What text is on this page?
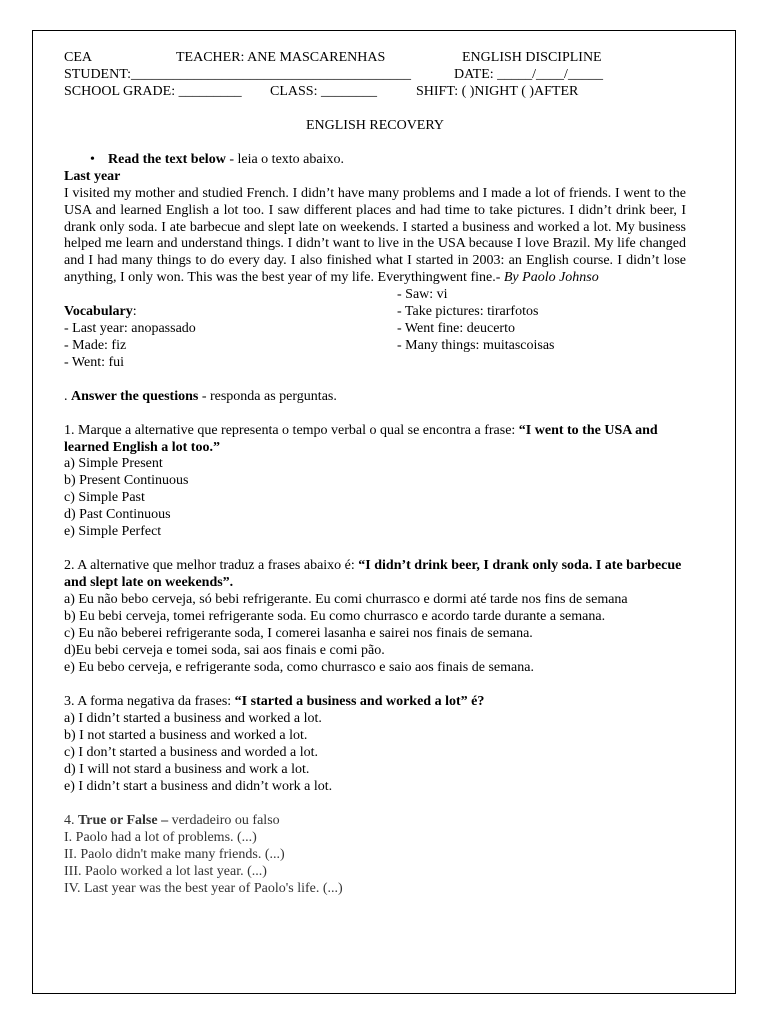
CEA	TEACHER: ANE MASCARENHAS	ENGLISH DISCIPLINE
STUDENT:________________________________________	DATE: _____/____/_____
SCHOOL GRADE: _________ CLASS: ________	SHIFT: ( )NIGHT ( )AFTER
ENGLISH RECOVERY
• Read the text below - leia o texto abaixo.
Last year

I visited my mother and studied French. I didn’t have many problems and I made a lot of friends. I went to the USA and learned English a lot too. I saw different places and had time to take pictures. I didn’t drink beer, I drank only soda. I ate barbecue and slept late on weekends. I started a business and worked a lot. My business helped me learn and understand things. I didn’t want to live in the USA because I love Brazil. My life changed and I had many things to do every day. I also finished what I started in 2003: an English course. I didn’t lose anything, I only won. This was the best year of my life. Everythingwent fine.- By Paolo Johnso

Vocabulary:
- Last year: anopassado
- Made: fiz
- Went: fui
- Saw: vi
- Take pictures: tirarfotos
- Went fine: deucerto
- Many things: muitascoisas
. Answer the questions - responda as perguntas.
1. Marque a alternative que representa o tempo verbal o qual se encontra a frase: “I went to the USA and learned English a lot too.”
a) Simple Present
b) Present Continuous
c) Simple Past
d) Past Continuous
e) Simple Perfect
2. A alternative que melhor traduz a frases abaixo é: “I didn’t drink beer, I drank only soda. I ate barbecue and slept late on weekends”.
a) Eu não bebo cerveja, só bebi refrigerante. Eu comi churrasco e dormi até tarde nos fins de semana
b) Eu bebi cerveja, tomei refrigerante soda. Eu como churrasco e acordo tarde durante a semana.
c) Eu não beberei refrigerante soda, I comerei lasanha e sairei nos finais de semana.
d)Eu bebi cerveja e tomei soda, sai aos finais e comi pão.
e) Eu bebo cerveja, e refrigerante soda, como churrasco e saio aos finais de semana.
3. A forma negativa da frases: “I started a business and worked a lot” é?
a) I didn’t started a business and worked a lot.
b) I not started a business and worked a lot.
c) I don’t started a business and worded a lot.
d) I will not stard a business and work a lot.
e) I didn’t start a business and didn’t work a lot.
4. True or False – verdadeiro ou falso
I. Paolo had a lot of problems. (...)
II. Paolo didn't make many friends. (...)
III. Paolo worked a lot last year. (...)
IV. Last year was the best year of Paolo's life. (...)
